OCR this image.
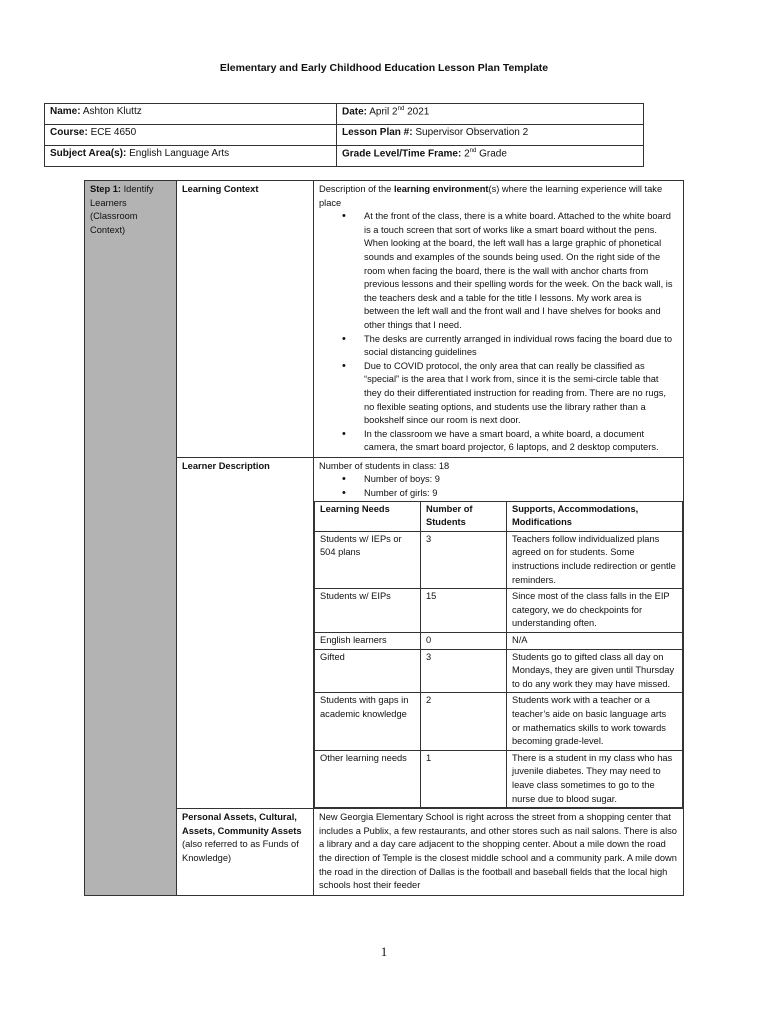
Elementary and Early Childhood Education Lesson Plan Template
Name: Ashton Kluttz	Date: April 2nd 2021
Course: ECE 4650	Lesson Plan #: Supervisor Observation 2
Subject Area(s): English Language Arts	Grade Level/Time Frame: 2nd Grade
Step 1: Identify Learners (Classroom Context)	Learning Context	Description of the learning environment(s) where the learning experience will take place
• At the front of the class, there is a white board. Attached to the white board is a touch screen that sort of works like a smart board without the pens. When looking at the board, the left wall has a large graphic of phonetical sounds and examples of the sounds being used. On the right side of the room when facing the board, there is the wall with anchor charts from previous lessons and their spelling words for the week. On the back wall, is the teachers desk and a table for the title I lessons. My work area is between the left wall and the front wall and I have shelves for books and other things that I need.
• The desks are currently arranged in individual rows facing the board due to social distancing guidelines
• Due to COVID protocol, the only area that can really be classified as “special” is the area that I work from, since it is the semi-circle table that they do their differentiated instruction for reading from. There are no rugs, no flexible seating options, and students use the library rather than a bookshelf since our room is next door.
• In the classroom we have a smart board, a white board, a document camera, the smart board projector, 6 laptops, and 2 desktop computers.

Learner Description	Number of students in class: 18
• Number of boys: 9
• Number of girls: 9
Learning Needs	Number of Students	Supports, Accommodations, Modifications
Students w/ IEPs or 504 plans	3	Teachers follow individualized plans agreed on for students. Some instructions include redirection or gentle reminders.
Students w/ EIPs	15	Since most of the class falls in the EIP category, we do checkpoints for understanding often.
English learners	0	N/A
Gifted	3	Students go to gifted class all day on Mondays, they are given until Thursday to do any work they may have missed.
Students with gaps in academic knowledge	2	Students work with a teacher or a teacher’s aide on basic language arts or mathematics skills to work towards becoming grade-level.
Other learning needs	1	There is a student in my class who has juvenile diabetes. They may need to leave class sometimes to go to the nurse due to blood sugar.

Personal Assets, Cultural, Assets, Community Assets (also referred to as Funds of Knowledge)	New Georgia Elementary School is right across the street from a shopping center that includes a Publix, a few restaurants, and other stores such as nail salons. There is also a library and a day care adjacent to the shopping center. About a mile down the road the direction of Temple is the closest middle school and a community park. A mile down the road in the direction of Dallas is the football and baseball fields that the local high schools host their feeder
1
